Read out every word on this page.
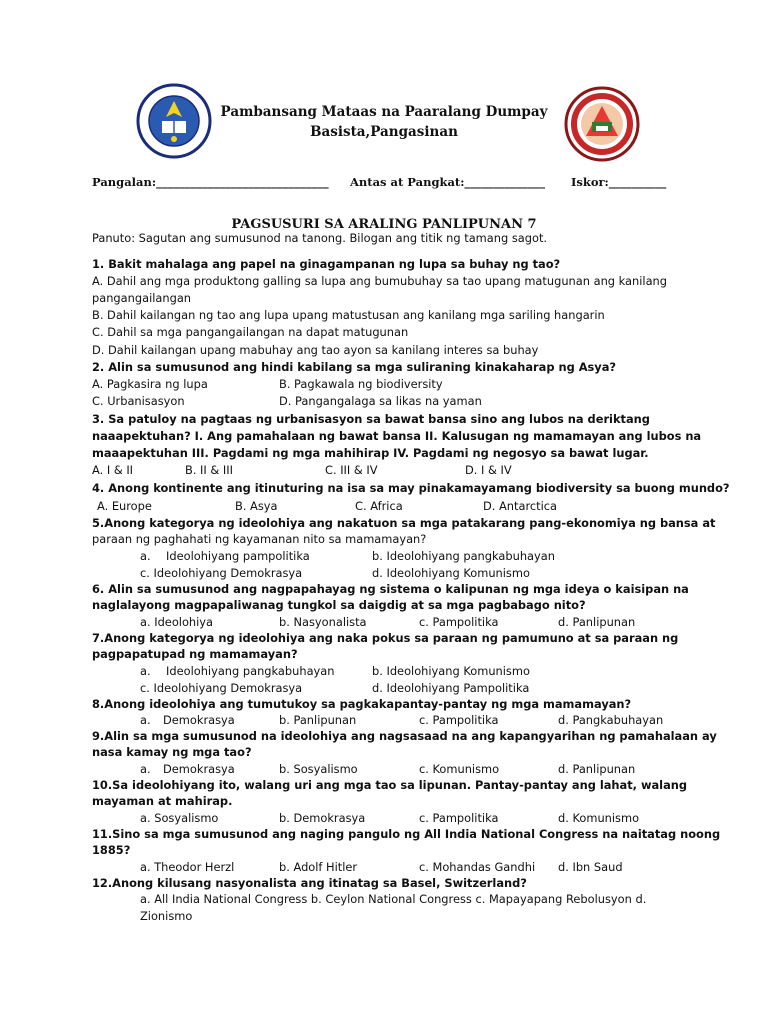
Pambansang Mataas na Paaralang Dumpay
Basista,Pangasinan
Pangalan:______________________________ Antas at Pangkat:______________ Iskor:__________
PAGSUSURI SA ARALING PANLIPUNAN 7
Panuto: Sagutan ang sumusunod na tanong. Bilogan ang titik ng tamang sagot.
1. Bakit mahalaga ang papel na ginagampanan ng lupa sa buhay ng tao?
A. Dahil ang mga produktong galling sa lupa ang bumubuhay sa tao upang matugunan ang kanilang
pangangailangan
B. Dahil kailangan ng tao ang lupa upang matustusan ang kanilang mga sariling hangarin
C. Dahil sa mga pangangailangan na dapat matugunan
D. Dahil kailangan upang mabuhay ang tao ayon sa kanilang interes sa buhay
2. Alin sa sumusunod ang hindi kabilang sa mga suliraning kinakaharap ng Asya?
A. Pagkasira ng lupa	B. Pagkawala ng biodiversity
C. Urbanisasyon	D. Pangangalaga sa likas na yaman
3. Sa patuloy na pagtaas ng urbanisasyon sa bawat bansa sino ang lubos na deriktang
naaapektuhan? I. Ang pamahalaan ng bawat bansa II. Kalusugan ng mamamayan ang lubos na
maaapektuhan III. Pagdami ng mga mahihirap IV. Pagdami ng negosyo sa bawat lugar.
A. I & II	B. II & III	C. III & IV	D. I & IV
4. Anong kontinente ang itinuturing na isa sa may pinakamayamang biodiversity sa buong mundo?
A. Europe	B. Asya	C. Africa	D. Antarctica
5.Anong kategorya ng ideolohiya ang nakatuon sa mga patakarang pang-ekonomiya ng bansa at
paraan ng paghahati ng kayamanan nito sa mamamayan?
a. Ideolohiyang pampolitika	b. Ideolohiyang pangkabuhayan
c. Ideolohiyang Demokrasya	d. Ideolohiyang Komunismo
6. Alin sa sumusunod ang nagpapahayag ng sistema o kalipunan ng mga ideya o kaisipan na
naglalayong magpapaliwanag tungkol sa daigdig at sa mga pagbabago nito?
a. Ideolohiya	b. Nasyonalista	c. Pampolitika	d. Panlipunan
7.Anong kategorya ng ideolohiya ang naka pokus sa paraan ng pamumuno at sa paraan ng
pagpapatupad ng mamamayan?
a. Ideolohiyang pangkabuhayan	b. Ideolohiyang Komunismo
c. Ideolohiyang Demokrasya	d. Ideolohiyang Pampolitika
8.Anong ideolohiya ang tumutukoy sa pagkakapantay-pantay ng mga mamamayan?
a. Demokrasya	b. Panlipunan	c. Pampolitika	d. Pangkabuhayan
9.Alin sa mga sumusunod na ideolohiya ang nagsasaad na ang kapangyarihan ng pamahalaan ay
nasa kamay ng mga tao?
a. Demokrasya	b. Sosyalismo	c. Komunismo	d. Panlipunan
10.Sa ideolohiyang ito, walang uri ang mga tao sa lipunan. Pantay-pantay ang lahat, walang
mayaman at mahirap.
a. Sosyalismo	b. Demokrasya	c. Pampolitika	d. Komunismo
11.Sino sa mga sumusunod ang naging pangulo ng All India National Congress na naitatag noong
1885?
a. Theodor Herzl	b. Adolf Hitler	c. Mohandas Gandhi d. Ibn Saud
12.Anong kilusang nasyonalista ang itinatag sa Basel, Switzerland?
a. All India National Congress b. Ceylon National Congress c. Mapayapang Rebolusyon d.
Zionismo
